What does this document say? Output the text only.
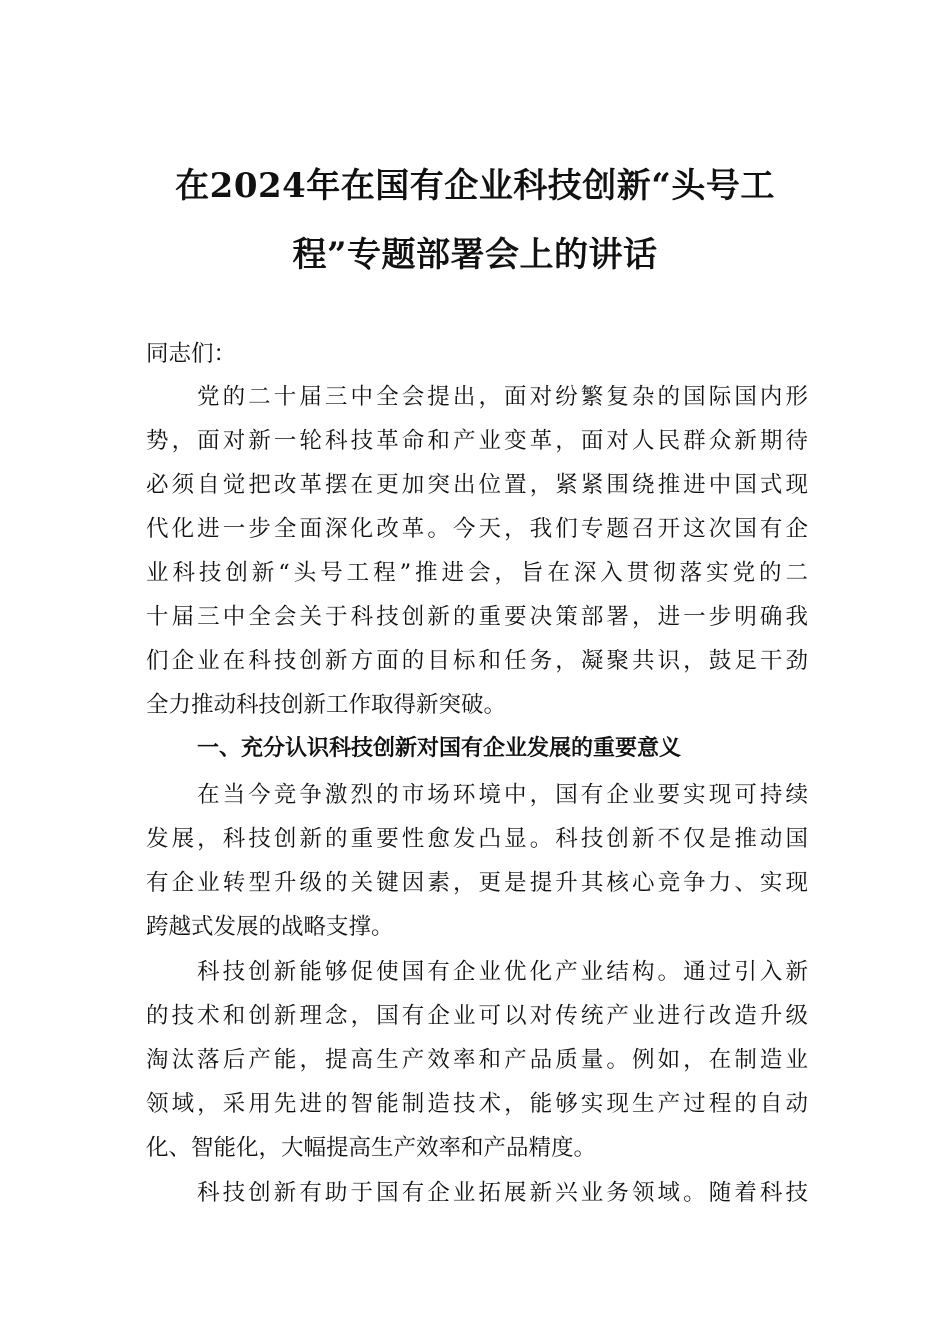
在2024年在国有企业科技创新“头号工
程”专题部署会上的讲话
同志们：
党的二十届三中全会提出，面对纷繁复杂的国际国内形
势，面对新一轮科技革命和产业变革，面对人民群众新期待
必须自觉把改革摆在更加突出位置，紧紧围绕推进中国式现
代化进一步全面深化改革。今天，我们专题召开这次国有企
业科技创新“头号工程”推进会，旨在深入贯彻落实党的二
十届三中全会关于科技创新的重要决策部署，进一步明确我
们企业在科技创新方面的目标和任务，凝聚共识，鼓足干劲
全力推动科技创新工作取得新突破。
一、充分认识科技创新对国有企业发展的重要意义
在当今竞争激烈的市场环境中，国有企业要实现可持续
发展，科技创新的重要性愈发凸显。科技创新不仅是推动国
有企业转型升级的关键因素，更是提升其核心竞争力、实现
跨越式发展的战略支撑。
科技创新能够促使国有企业优化产业结构。通过引入新
的技术和创新理念，国有企业可以对传统产业进行改造升级
淘汰落后产能，提高生产效率和产品质量。例如，在制造业
领域，采用先进的智能制造技术，能够实现生产过程的自动
化、智能化，大幅提高生产效率和产品精度。
科技创新有助于国有企业拓展新兴业务领域。随着科技
